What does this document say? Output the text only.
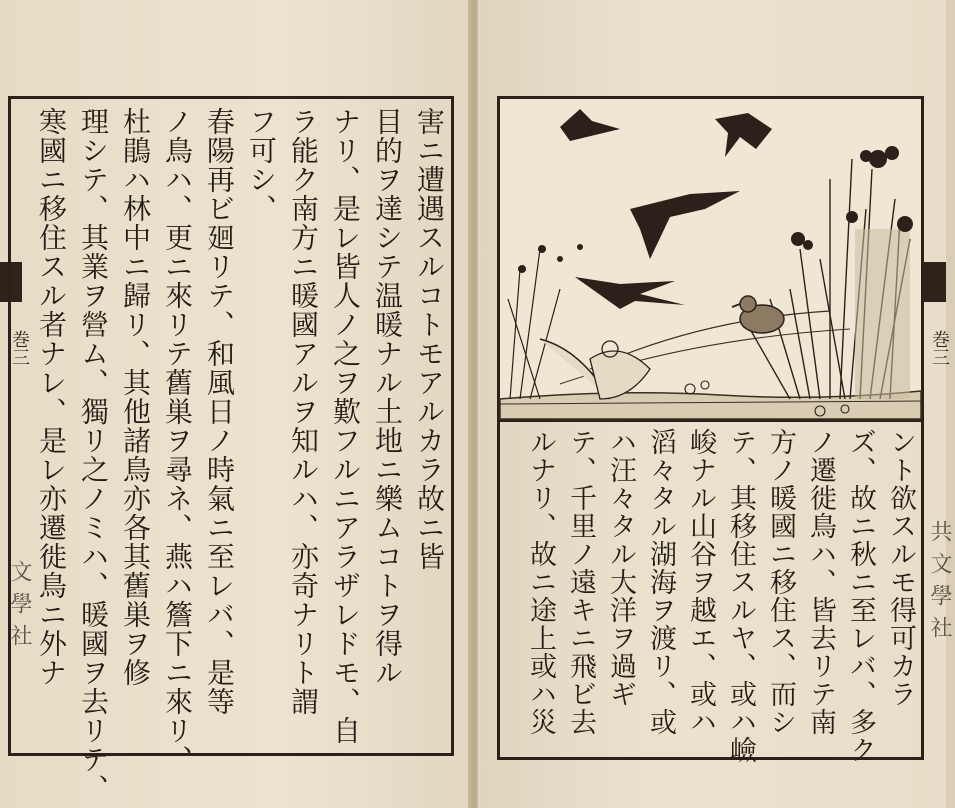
巻三
文學社
害ニ遭遇スルコトモアルカラ故ニ皆
目的ヲ達シテ温暖ナル土地ニ樂ムコトヲ得ル
ナリ、是レ皆人ノ之ヲ歎フルニアラザレドモ、自
ラ能ク南方ニ暖國アルヲ知ルハ、亦奇ナリト謂
フ可シ、
春陽再ビ廻リテ、和風日ノ時氣ニ至レバ、是等
ノ鳥ハ、更ニ來リテ舊巣ヲ尋ネ、燕ハ簷下ニ來リ、
杜鵑ハ林中ニ歸リ、其他諸鳥亦各其舊巣ヲ修
理シテ、其業ヲ營ム、獨リ之ノミハ、暖國ヲ去リテ、
寒國ニ移住スル者ナレ、是レ亦遷徙鳥ニ外ナ	巻三
共文學社
ント欲スルモ得可カラ
ズ、故ニ秋ニ至レバ、多ク
ノ遷徙鳥ハ、皆去リテ南
方ノ暖國ニ移住ス、而シ
テ、其移住スルヤ、或ハ嶮
峻ナル山谷ヲ越エ、或ハ
滔々タル湖海ヲ渡リ、或
ハ汪々タル大洋ヲ過ギ
テ、千里ノ遠キニ飛ビ去
ルナリ、故ニ途上或ハ災
